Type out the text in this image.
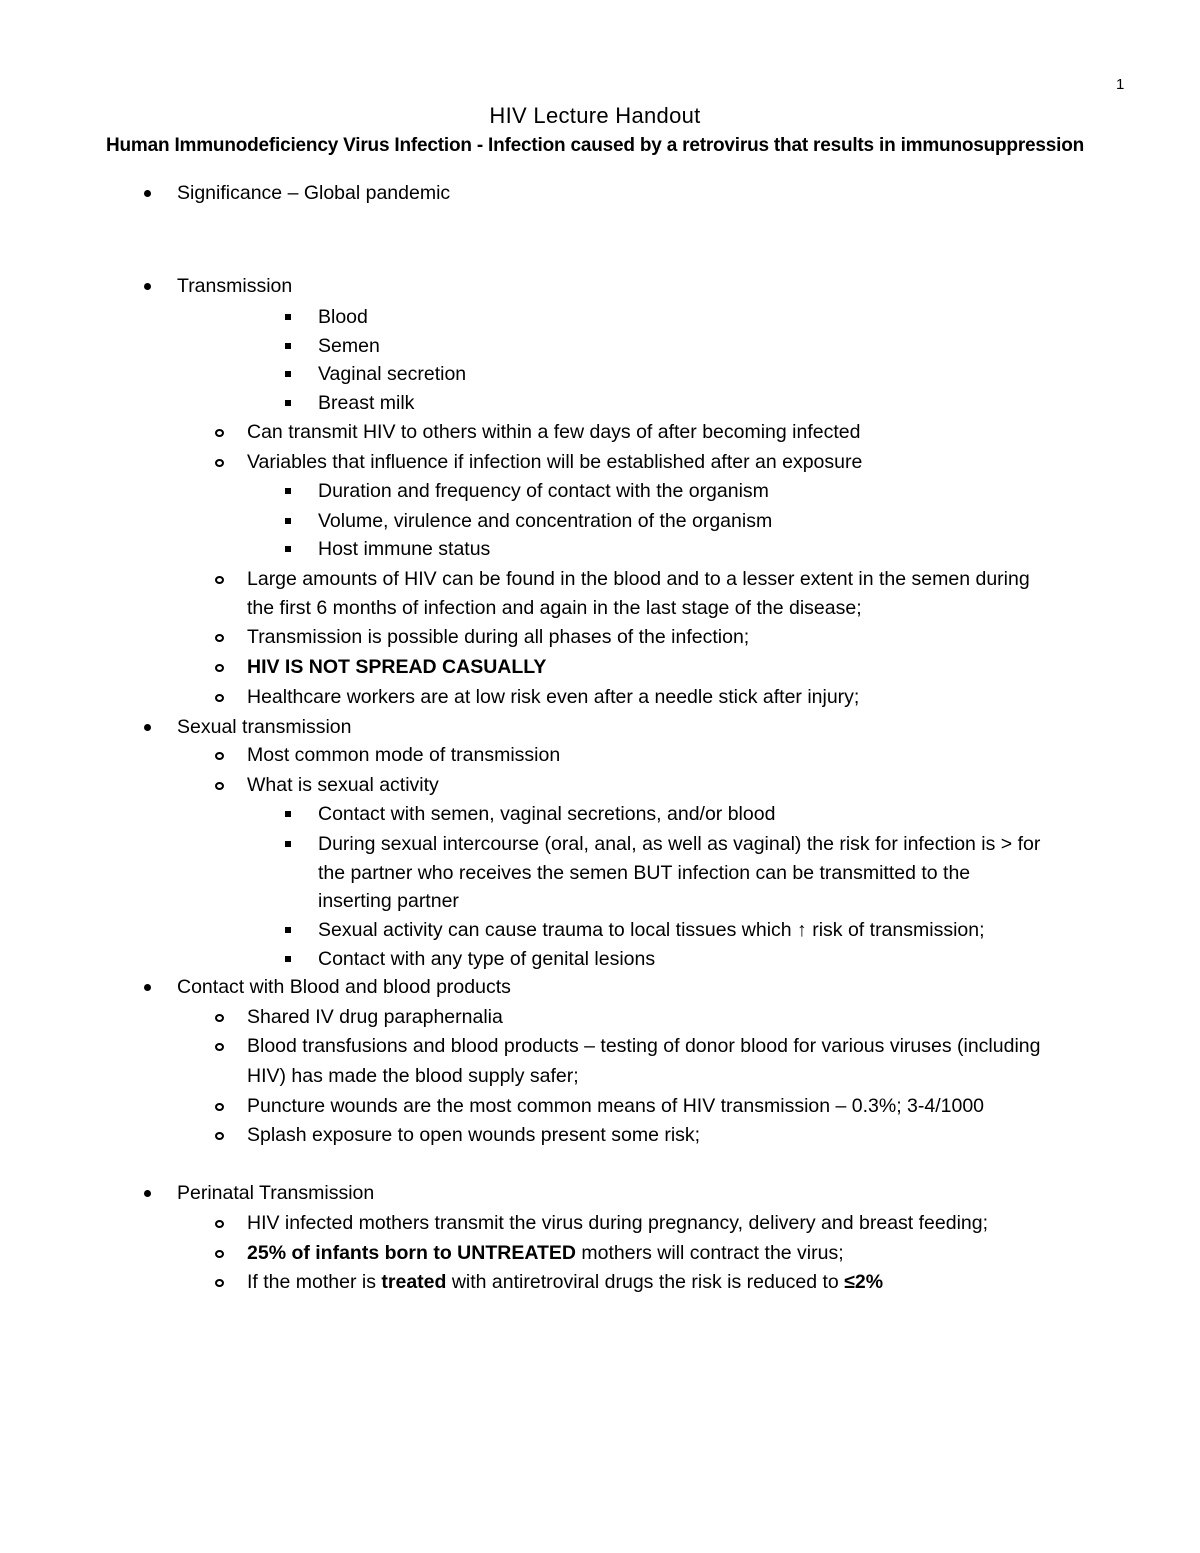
1
HIV Lecture Handout
Human Immunodeficiency Virus Infection - Infection caused by a retrovirus that results in immunosuppression
Significance – Global pandemic
Transmission
Blood
Semen
Vaginal secretion
Breast milk
Can transmit HIV to others within a few days of after becoming infected
Variables that influence if infection will be established after an exposure
Duration and frequency of contact with the organism
Volume, virulence and concentration of the organism
Host immune status
Large amounts of HIV can be found in the blood and to a lesser extent in the semen during
the first 6 months of infection and again in the last stage of the disease;
Transmission is possible during all phases of the infection;
HIV IS NOT SPREAD CASUALLY
Healthcare workers are at low risk even after a needle stick after injury;
Sexual transmission
Most common mode of transmission
What is sexual activity
Contact with semen, vaginal secretions, and/or blood
During sexual intercourse (oral, anal, as well as vaginal) the risk for infection is > for
the partner who receives the semen BUT infection can be transmitted to the
inserting partner
Sexual activity can cause trauma to local tissues which ↑ risk of transmission;
Contact with any type of genital lesions
Contact with Blood and blood products
Shared IV drug paraphernalia
Blood transfusions and blood products – testing of donor blood for various viruses (including
HIV) has made the blood supply safer;
Puncture wounds are the most common means of HIV transmission – 0.3%; 3-4/1000
Splash exposure to open wounds present some risk;
Perinatal Transmission
HIV infected mothers transmit the virus during pregnancy, delivery and breast feeding;
25% of infants born to UNTREATED mothers will contract the virus;
If the mother is treated with antiretroviral drugs the risk is reduced to ≤2%
